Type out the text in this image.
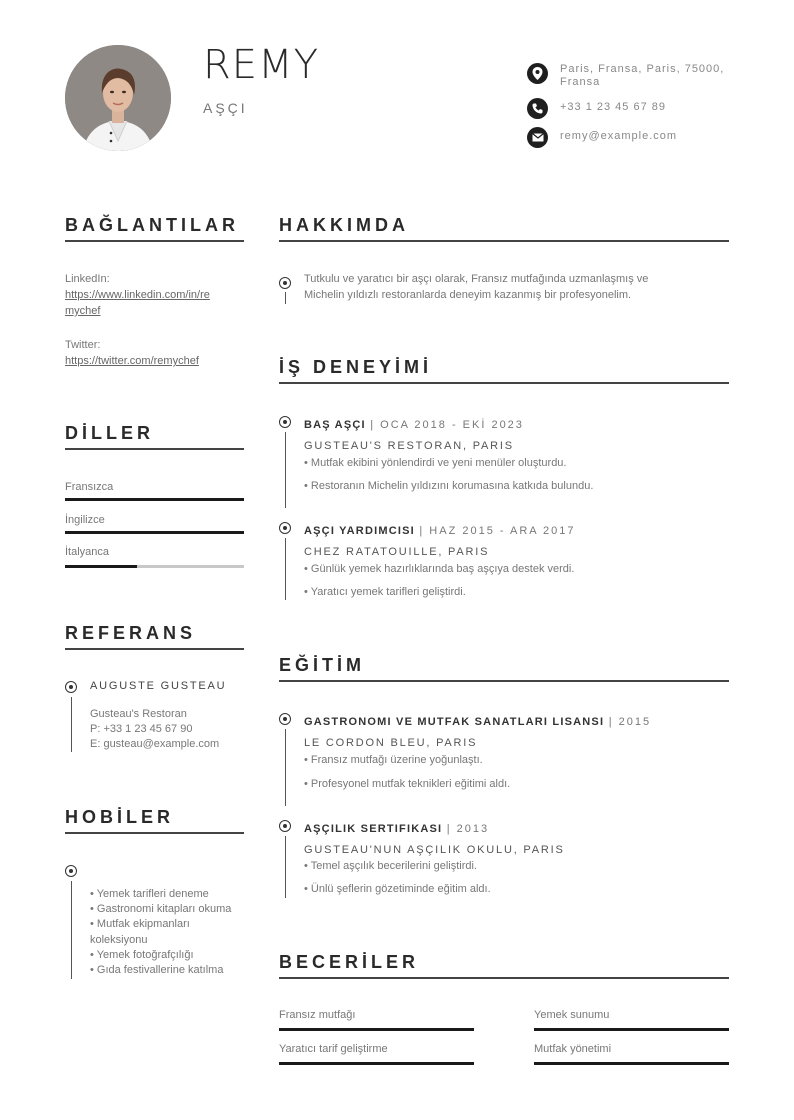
REMY
AŞÇI
Paris, Fransa, Paris, 75000,
Fransa
+33 1 23 45 67 89
remy@example.com
BAĞLANTILAR
LinkedIn:
https://www.linkedin.com/in/re
mychef
Twitter:
https://twitter.com/remychef
DİLLER
Fransızca
İngilizce
İtalyanca
REFERANS
AUGUSTE GUSTEAU
Gusteau's Restoran
P: +33 1 23 45 67 90
E: gusteau@example.com
HOBİLER
• Yemek tarifleri deneme
• Gastronomi kitapları okuma
• Mutfak ekipmanları
koleksiyonu
• Yemek fotoğrafçılığı
• Gıda festivallerine katılma
HAKKIMDA
Tutkulu ve yaratıcı bir aşçı olarak, Fransız mutfağında uzmanlaşmış ve
Michelin yıldızlı restoranlarda deneyim kazanmış bir profesyonelim.
İŞ DENEYİMİ
BAŞ AŞÇI | OCA 2018 - EKİ 2023
GUSTEAU'S RESTORAN, PARIS
• Mutfak ekibini yönlendirdi ve yeni menüler oluşturdu.
• Restoranın Michelin yıldızını korumasına katkıda bulundu.
AŞÇI YARDIMCISI | HAZ 2015 - ARA 2017
CHEZ RATATOUILLE, PARIS
• Günlük yemek hazırlıklarında baş aşçıya destek verdi.
• Yaratıcı yemek tarifleri geliştirdi.
EĞİTİM
GASTRONOMI VE MUTFAK SANATLARI LISANSI | 2015
LE CORDON BLEU, PARIS
• Fransız mutfağı üzerine yoğunlaştı.
• Profesyonel mutfak teknikleri eğitimi aldı.
AŞÇILIK SERTIFIKASI | 2013
GUSTEAU'NUN AŞÇILIK OKULU, PARIS
• Temel aşçılık becerilerini geliştirdi.
• Ünlü şeflerin gözetiminde eğitim aldı.
BECERİLER
Fransız mutfağı	Yemek sunumu
Yaratıcı tarif geliştirme	Mutfak yönetimi
